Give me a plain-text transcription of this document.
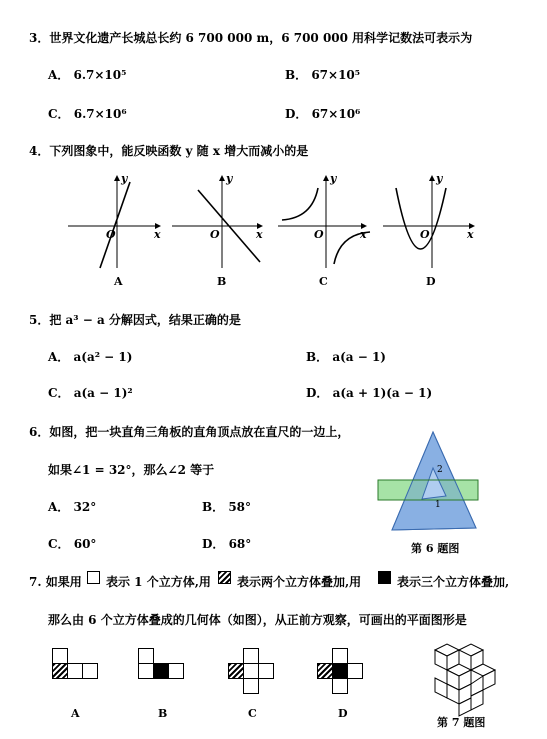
3．世界文化遗产长城总长约 6 700 000 m，6 700 000 用科学记数法可表示为
A． 6.7×10⁵	B． 67×10⁵
C． 6.7×10⁶	D． 67×10⁶
4．下列图象中，能反映函数 y 随 x 增大而减小的是
y
x
O
y
x
O
y
x
O
y
x
O
A	B	C	D
5．把 a³ − a 分解因式，结果正确的是
A． a(a² − 1)	B． a(a − 1)
C． a(a − 1)²	D． a(a + 1)(a − 1)
6．如图，把一块直角三角板的直角顶点放在直尺的一边上，
如果∠1 = 32°，那么∠2 等于
A． 32°	B． 58°
C． 60°	D． 68°
2
1
第 6 题图
7. 如果用 表示 1 个立方体,用 表示两个立方体叠加,用	表示三个立方体叠加,
那么由 6 个立方体叠成的几何体（如图），从正前方观察，可画出的平面图形是
A	B	C	D
第 7 题图
